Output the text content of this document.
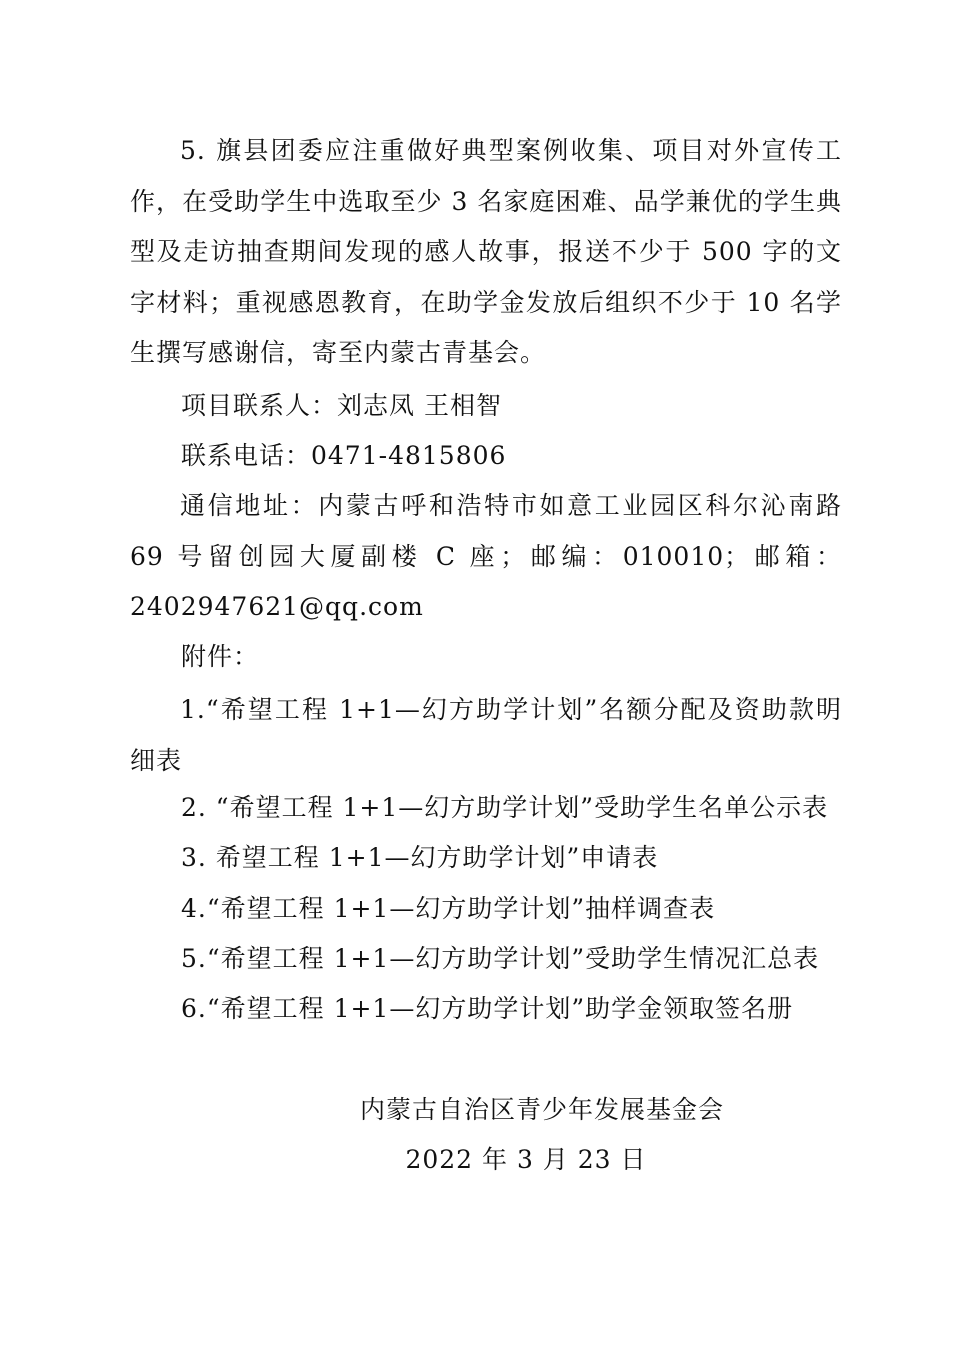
5. 旗县团委应注重做好典型案例收集、项目对外宣传工作，在受助学生中选取至少 3 名家庭困难、品学兼优的学生典型及走访抽查期间发现的感人故事，报送不少于 500 字的文字材料；重视感恩教育，在助学金发放后组织不少于 10 名学生撰写感谢信，寄至内蒙古青基会。

项目联系人：刘志凤 王相智

联系电话：0471-4815806

通信地址：内蒙古呼和浩特市如意工业园区科尔沁南路 69 号留创园大厦副楼 C 座；邮编：010010；邮箱：2402947621@qq.com

附件：

1.“希望工程 1+1—幻方助学计划”名额分配及资助款明细表

2. “希望工程 1+1—幻方助学计划”受助学生名单公示表

3. 希望工程 1+1—幻方助学计划”申请表

4.“希望工程 1+1—幻方助学计划”抽样调查表

5.“希望工程 1+1—幻方助学计划”受助学生情况汇总表

6.“希望工程 1+1—幻方助学计划”助学金领取签名册

内蒙古自治区青少年发展基金会

2022 年 3 月 23 日
